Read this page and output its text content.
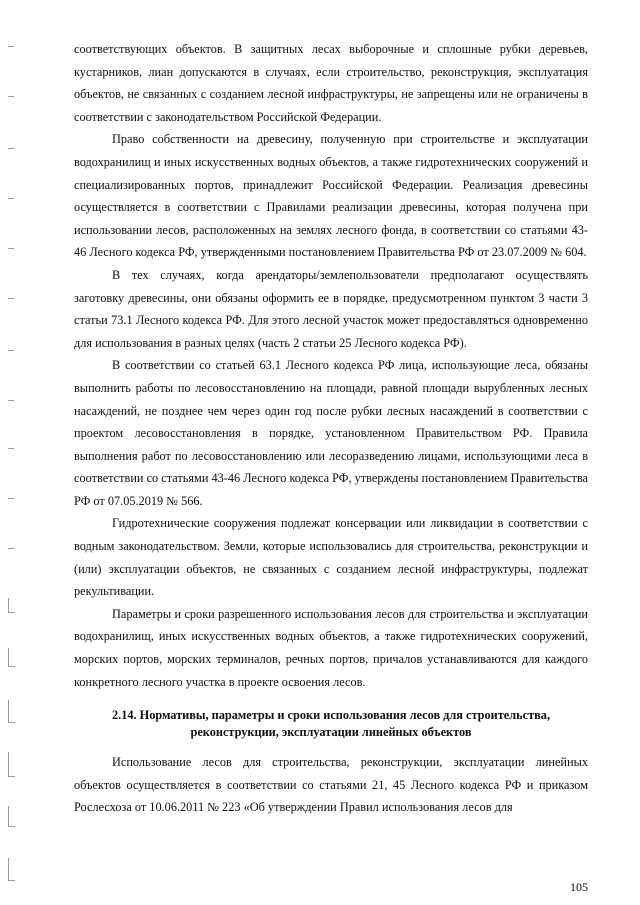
соответствующих объектов. В защитных лесах выборочные и сплошные рубки деревьев, кустарников, лиан допускаются в случаях, если строительство, реконструкция, эксплуатация объектов, не связанных с созданием лесной инфраструктуры, не запрещены или не ограничены в соответствии с законодательством Российской Федерации.

Право собственности на древесину, полученную при строительстве и эксплуатации водохранилищ и иных искусственных водных объектов, а также гидротехнических сооружений и специализированных портов, принадлежит Российской Федерации. Реализация древесины осуществляется в соответствии с Правилами реализации древесины, которая получена при использовании лесов, расположенных на землях лесного фонда, в соответствии со статьями 43-46 Лесного кодекса РФ, утвержденными постановлением Правительства РФ от 23.07.2009 № 604.

В тех случаях, когда арендаторы/землепользователи предполагают осуществлять заготовку древесины, они обязаны оформить ее в порядке, предусмотренном пунктом 3 части 3 статьи 73.1 Лесного кодекса РФ. Для этого лесной участок может предоставляться одновременно для использования в разных целях (часть 2 статьи 25 Лесного кодекса РФ).

В соответствии со статьей 63.1 Лесного кодекса РФ лица, использующие леса, обязаны выполнить работы по лесовосстановлению на площади, равной площади вырубленных лесных насаждений, не позднее чем через один год после рубки лесных насаждений в соответствии с проектом лесовосстановления в порядке, установленном Правительством РФ. Правила выполнения работ по лесовосстановлению или лесоразведению лицами, использующими леса в соответствии со статьями 43-46 Лесного кодекса РФ, утверждены постановлением Правительства РФ от 07.05.2019 № 566.

Гидротехнические сооружения подлежат консервации или ликвидации в соответствии с водным законодательством. Земли, которые использовались для строительства, реконструкции и (или) эксплуатации объектов, не связанных с созданием лесной инфраструктуры, подлежат рекультивации.

Параметры и сроки разрешенного использования лесов для строительства и эксплуатации водохранилищ, иных искусственных водных объектов, а также гидротехнических сооружений, морских портов, морских терминалов, речных портов, причалов устанавливаются для каждого конкретного лесного участка в проекте освоения лесов.

2.14. Нормативы, параметры и сроки использования лесов для строительства,
реконструкции, эксплуатации линейных объектов

Использование лесов для строительства, реконструкции, эксплуатации линейных объектов осуществляется в соответствии со статьями 21, 45 Лесного кодекса РФ и приказом Рослесхоза от 10.06.2011 № 223 «Об утверждении Правил использования лесов для

105
